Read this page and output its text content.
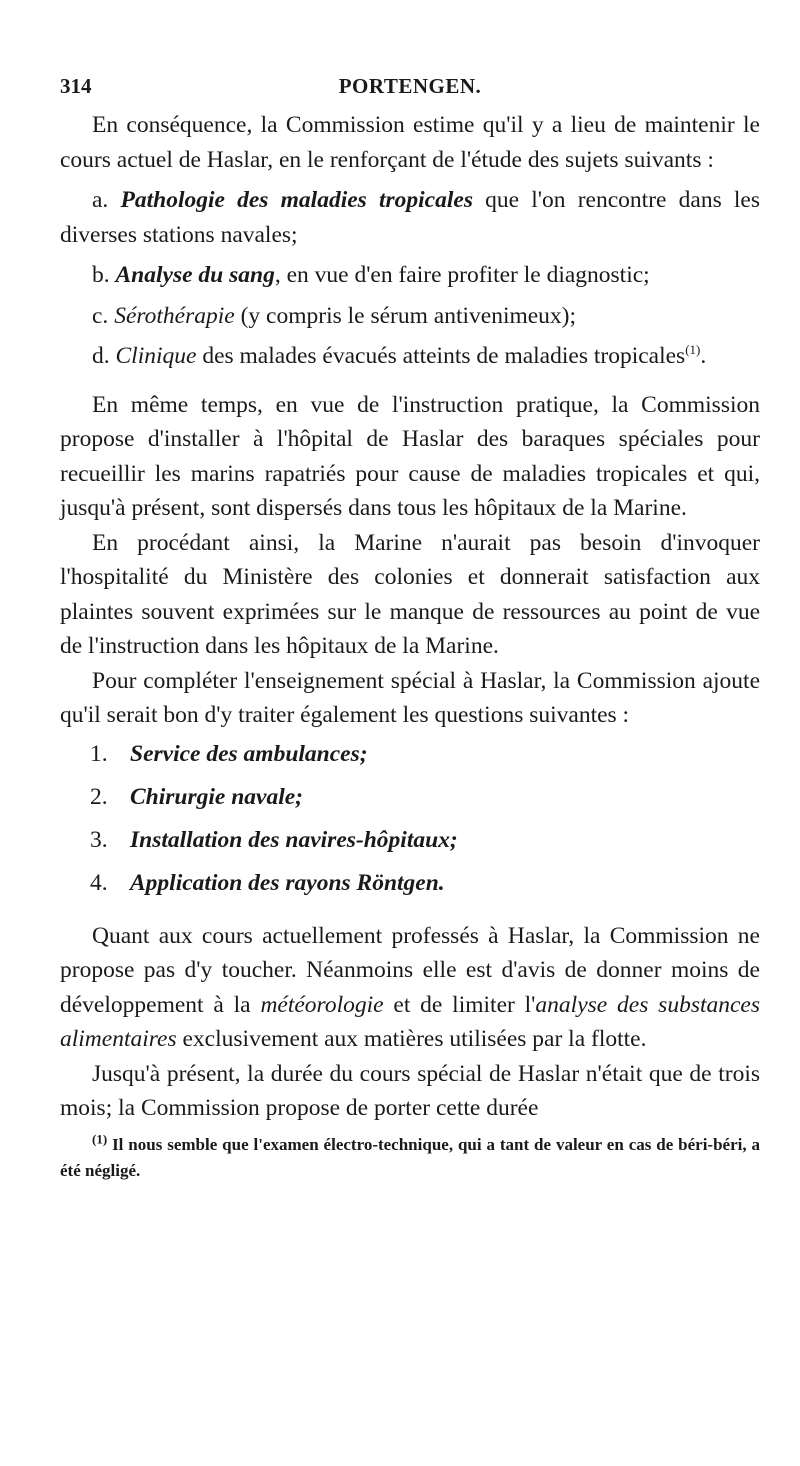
314	PORTENGEN.

En conséquence, la Commission estime qu'il y a lieu de maintenir le cours actuel de Haslar, en le renforçant de l'étude des sujets suivants :

a. Pathologie des maladies tropicales que l'on rencontre dans les diverses stations navales;

b. Analyse du sang, en vue d'en faire profiter le diagnostic;

c. Sérothérapie (y compris le sérum antivenimeux);

d. Clinique des malades évacués atteints de maladies tropicales$^{(1)}$.

En même temps, en vue de l'instruction pratique, la Commission propose d'installer à l'hôpital de Haslar des baraques spéciales pour recueillir les marins rapatriés pour cause de maladies tropicales et qui, jusqu'à présent, sont dispersés dans tous les hôpitaux de la Marine.

En procédant ainsi, la Marine n'aurait pas besoin d'invoquer l'hospitalité du Ministère des colonies et donnerait satisfaction aux plaintes souvent exprimées sur le manque de ressources au point de vue de l'instruction dans les hôpitaux de la Marine.

Pour compléter l'enseignement spécial à Haslar, la Commission ajoute qu'il serait bon d'y traiter également les questions suivantes :

1. Service des ambulances;
2. Chirurgie navale;
3. Installation des navires-hôpitaux;
4. Application des rayons Röntgen.

Quant aux cours actuellement professés à Haslar, la Commission ne propose pas d'y toucher. Néanmoins elle est d'avis de donner moins de développement à la météorologie et de limiter l'analyse des substances alimentaires exclusivement aux matières utilisées par la flotte.

Jusqu'à présent, la durée du cours spécial de Haslar n'était que de trois mois; la Commission propose de porter cette durée

$^{(1)}$ Il nous semble que l'examen électro-technique, qui a tant de valeur en cas de béri-béri, a été négligé.
